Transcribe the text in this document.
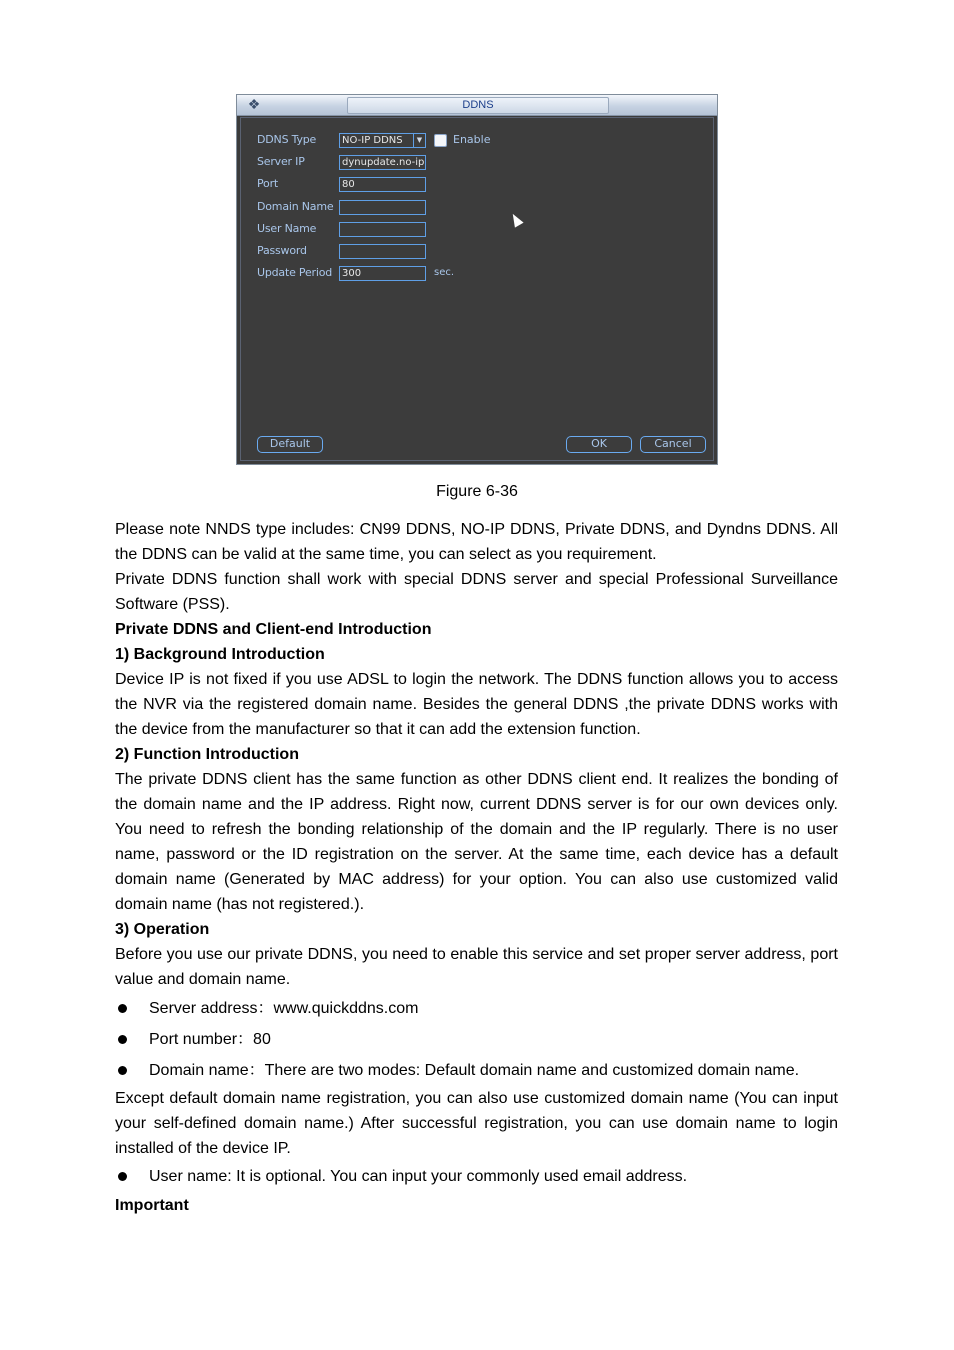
❖	DDNS
DDNS Type	NO-IP DDNS	▼	Enable
Server IP	dynupdate.no-ip
Port	80
Domain Name
User Name
Password
Update Period 300	sec.
Default	OK	Cancel
Figure 6-36

Please note NNDS type includes: CN99 DDNS, NO-IP DDNS, Private DDNS, and Dyndns DDNS. All the DDNS can be valid at the same time, you can select as you requirement.

Private DDNS function shall work with special DDNS server and special Professional Surveillance Software (PSS).

Private DDNS and Client-end Introduction

1) Background Introduction

Device IP is not fixed if you use ADSL to login the network. The DDNS function allows you to access the NVR via the registered domain name. Besides the general DDNS ,the private DDNS works with the device from the manufacturer so that it can add the extension function.

2) Function Introduction

The private DDNS client has the same function as other DDNS client end. It realizes the bonding of the domain name and the IP address. Right now, current DDNS server is for our own devices only. You need to refresh the bonding relationship of the domain and the IP regularly. There is no user name, password or the ID registration on the server. At the same time, each device has a default domain name (Generated by MAC address) for your option. You can also use customized valid domain name (has not registered.).

3) Operation

Before you use our private DDNS, you need to enable this service and set proper server address, port value and domain name.

Server address：www.quickddns.com

Port number：80

Domain name：There are two modes: Default domain name and customized domain name.

Except default domain name registration, you can also use customized domain name (You can input your self-defined domain name.) After successful registration, you can use domain name to login installed of the device IP.

User name: It is optional. You can input your commonly used email address.

Important
